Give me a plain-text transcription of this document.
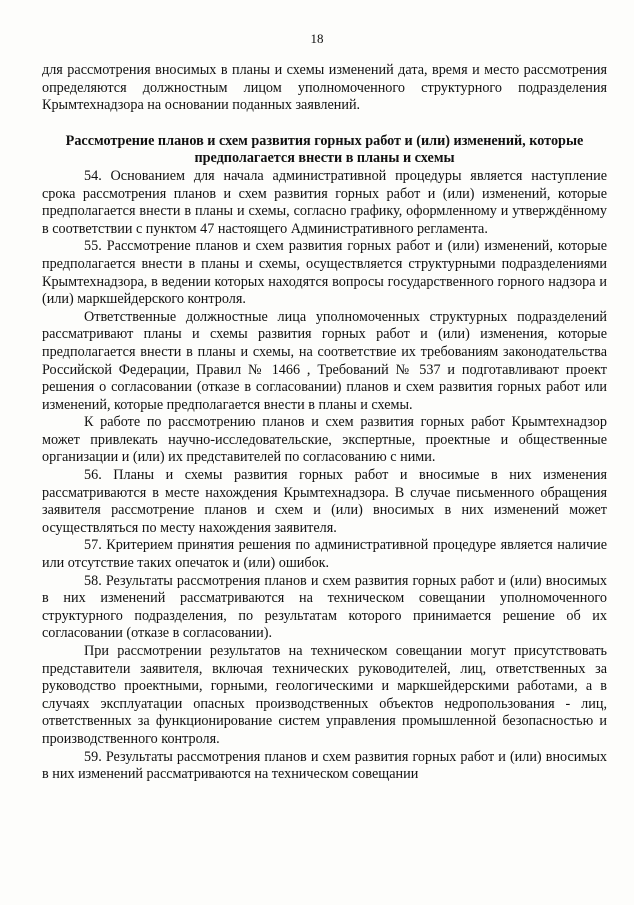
18

для рассмотрения вносимых в планы и схемы изменений дата, время и место рассмотрения определяются должностным лицом уполномоченного структурного подразделения Крымтехнадзора на основании поданных заявлений.

Рассмотрение планов и схем развития горных работ и (или) изменений, которые предполагается внести в планы и схемы

54. Основанием для начала административной процедуры является наступление срока рассмотрения планов и схем развития горных работ и (или) изменений, которые предполагается внести в планы и схемы, согласно графику, оформленному и утверждённому в соответствии с пунктом 47 настоящего Административного регламента.

55. Рассмотрение планов и схем развития горных работ и (или) изменений, которые предполагается внести в планы и схемы, осуществляется структурными подразделениями Крымтехнадзора, в ведении которых находятся вопросы государственного горного надзора и (или) маркшейдерского контроля.

Ответственные должностные лица уполномоченных структурных подразделений рассматривают планы и схемы развития горных работ и (или) изменения, которые предполагается внести в планы и схемы, на соответствие их требованиям законодательства Российской Федерации, Правил № 1466 , Требований № 537 и подготавливают проект решения о согласовании (отказе в согласовании) планов и схем развития горных работ или изменений, которые предполагается внести в планы и схемы.

К работе по рассмотрению планов и схем развития горных работ Крымтехнадзор может привлекать научно-исследовательские, экспертные, проектные и общественные организации и (или) их представителей по согласованию с ними.

56. Планы и схемы развития горных работ и вносимые в них изменения рассматриваются в месте нахождения Крымтехнадзора. В случае письменного обращения заявителя рассмотрение планов и схем и (или) вносимых в них изменений может осуществляться по месту нахождения заявителя.

57. Критерием принятия решения по административной процедуре является наличие или отсутствие таких опечаток и (или) ошибок.

58. Результаты рассмотрения планов и схем развития горных работ и (или) вносимых в них изменений рассматриваются на техническом совещании уполномоченного структурного подразделения, по результатам которого принимается решение об их согласовании (отказе в согласовании).

При рассмотрении результатов на техническом совещании могут присутствовать представители заявителя, включая технических руководителей, лиц, ответственных за руководство проектными, горными, геологическими и маркшейдерскими работами, а в случаях эксплуатации опасных производственных объектов недропользования - лиц, ответственных за функционирование систем управления промышленной безопасностью и производственного контроля.

59. Результаты рассмотрения планов и схем развития горных работ и (или) вносимых в них изменений рассматриваются на техническом совещании
